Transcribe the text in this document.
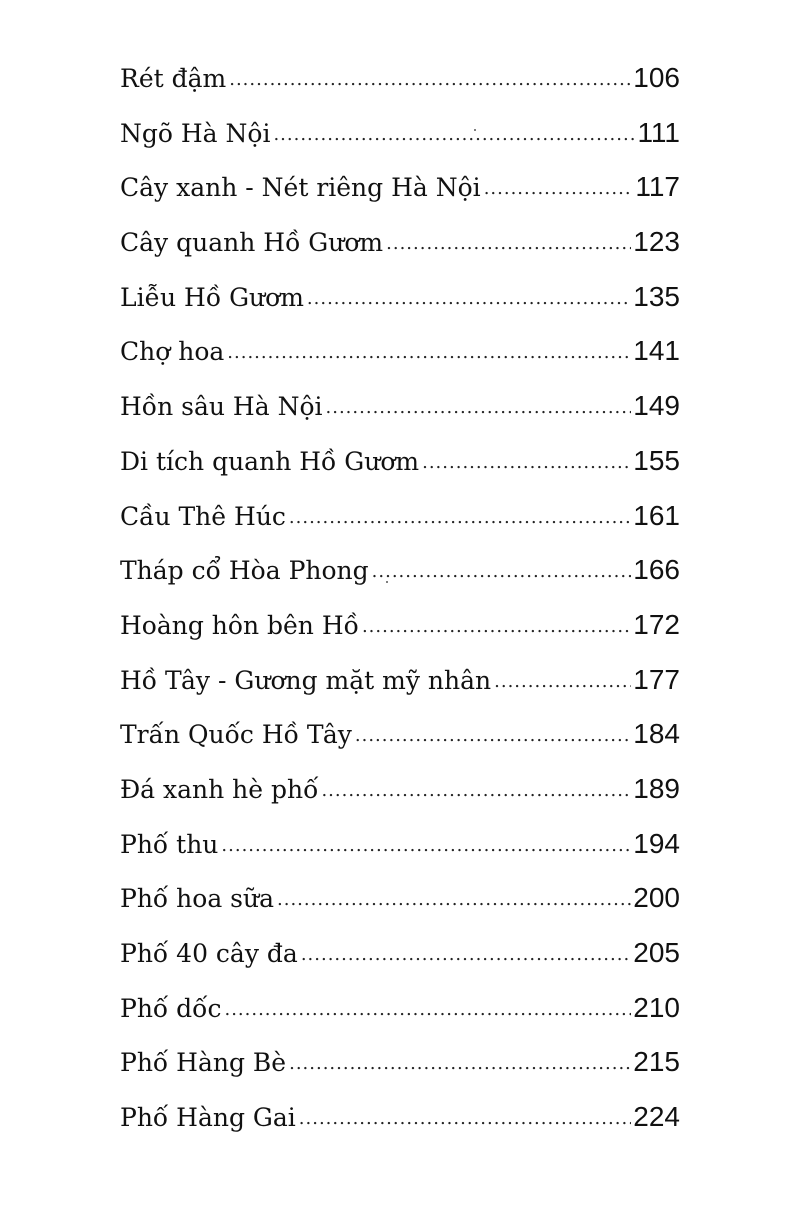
Rét đậm .....	106
Ngõ Hà Nội .....	111
Cây xanh - Nét riêng Hà Nội .....	117
Cây quanh Hồ Gươm .....	123
Liễu Hồ Gươm .....	135
Chợ hoa .....	141
Hồn sâu Hà Nội .....	149
Di tích quanh Hồ Gươm .....	155
Cầu Thê Húc .....	161
Tháp cổ Hòa Phong .....	166
Hoàng hôn bên Hồ .....	172
Hồ Tây - Gương mặt mỹ nhân .....	177
Trấn Quốc Hồ Tây .....	184
Đá xanh hè phố .....	189
Phố thu .....	194
Phố hoa sữa .....	200
Phố 40 cây đa .....	205
Phố dốc .....	210
Phố Hàng Bè .....	215
Phố Hàng Gai .....	224
